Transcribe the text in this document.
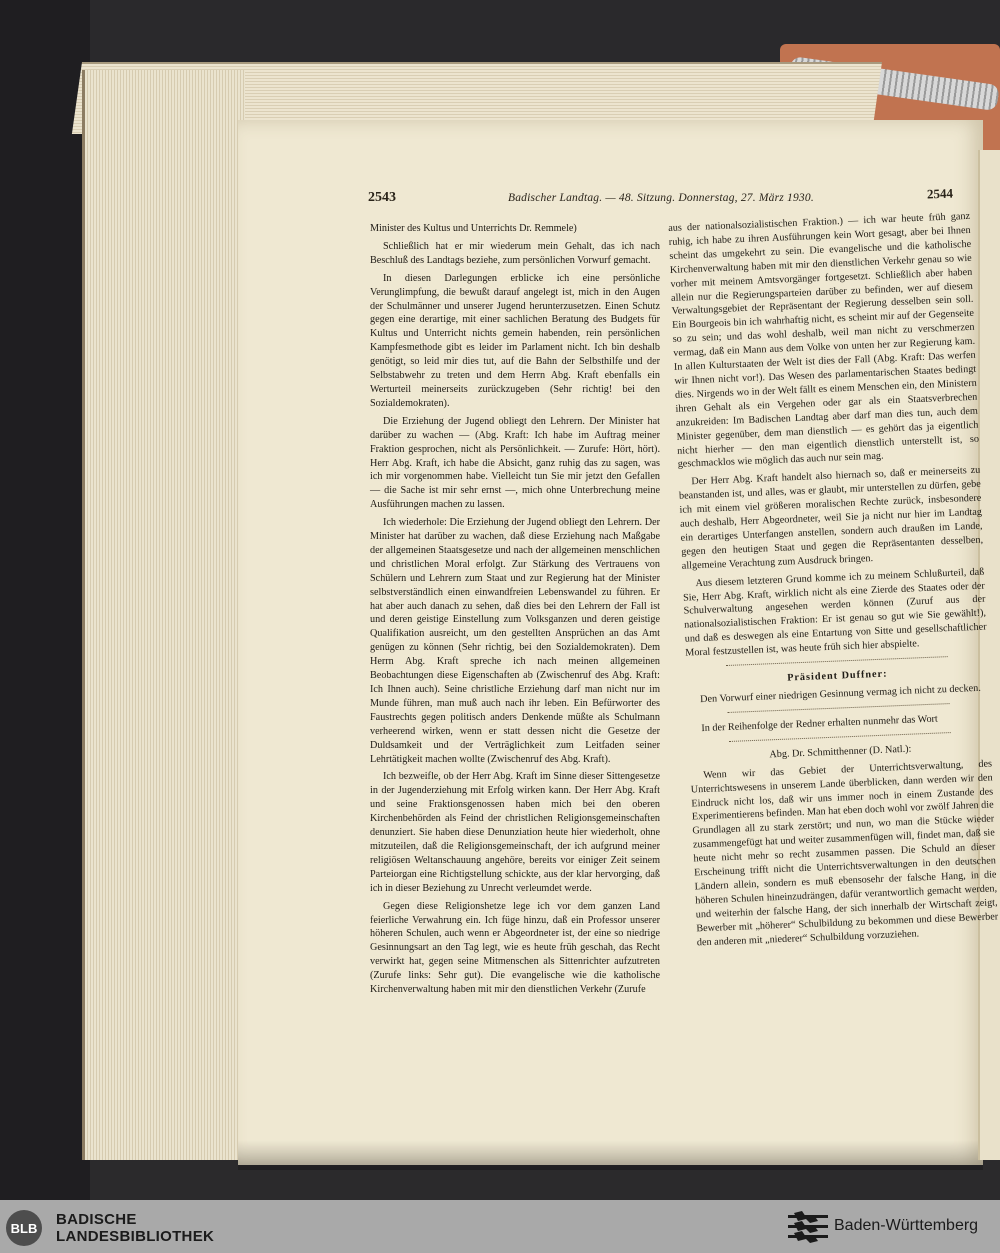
2543	Badischer Landtag. — 48. Sitzung. Donnerstag, 27. März 1930.	2544

Minister des Kultus und Unterrichts Dr. Remmele)

Schließlich hat er mir wiederum mein Gehalt, das ich nach Beschluß des Landtags beziehe, zum persönlichen Vorwurf gemacht.

In diesen Darlegungen erblicke ich eine persönliche Verunglimpfung, die bewußt darauf angelegt ist, mich in den Augen der Schulmänner und unserer Jugend herunterzusetzen. Einen Schutz gegen eine derartige, mit einer sachlichen Beratung des Budgets für Kultus und Unterricht nichts gemein habenden, rein persönlichen Kampfesmethode gibt es leider im Parlament nicht. Ich bin deshalb genötigt, so leid mir dies tut, auf die Bahn der Selbsthilfe und der Selbstabwehr zu treten und dem Herrn Abg. Kraft ebenfalls ein Werturteil meinerseits zurückzugeben (Sehr richtig! bei den Sozialdemokraten).

Die Erziehung der Jugend obliegt den Lehrern. Der Minister hat darüber zu wachen — (Abg. Kraft: Ich habe im Auftrag meiner Fraktion gesprochen, nicht als Persönlichkeit. — Zurufe: Hört, hört). Herr Abg. Kraft, ich habe die Absicht, ganz ruhig das zu sagen, was ich mir vorgenommen habe. Vielleicht tun Sie mir jetzt den Gefallen — die Sache ist mir sehr ernst —, mich ohne Unterbrechung meine Ausführungen machen zu lassen.

Ich wiederhole: Die Erziehung der Jugend obliegt den Lehrern. Der Minister hat darüber zu wachen, daß diese Erziehung nach Maßgabe der allgemeinen Staatsgesetze und nach der allgemeinen menschlichen und christlichen Moral erfolgt. Zur Stärkung des Vertrauens von Schülern und Lehrern zum Staat und zur Regierung hat der Minister selbstverständlich einen einwandfreien Lebenswandel zu führen. Er hat aber auch danach zu sehen, daß dies bei den Lehrern der Fall ist und deren geistige Einstellung zum Volksganzen und deren geistige Qualifikation ausreicht, um den gestellten Ansprüchen an das Amt genügen zu können (Sehr richtig, bei den Sozialdemokraten). Dem Herrn Abg. Kraft spreche ich nach meinen allgemeinen Beobachtungen diese Eigenschaften ab (Zwischenruf des Abg. Kraft: Ich Ihnen auch). Seine christliche Erziehung darf man nicht nur im Munde führen, man muß auch nach ihr leben. Ein Befürworter des Faustrechts gegen politisch anders Denkende müßte als Schulmann verheerend wirken, wenn er statt dessen nicht die Gesetze der Duldsamkeit und der Verträglichkeit zum Leitfaden seiner Lehrtätigkeit machen wollte (Zwischenruf des Abg. Kraft).

Ich bezweifle, ob der Herr Abg. Kraft im Sinne dieser Sittengesetze in der Jugenderziehung mit Erfolg wirken kann. Der Herr Abg. Kraft und seine Fraktionsgenossen haben mich bei den oberen Kirchenbehörden als Feind der christlichen Religionsgemeinschaften denunziert. Sie haben diese Denunziation heute hier wiederholt, ohne mitzuteilen, daß die Religionsgemeinschaft, der ich aufgrund meiner religiösen Weltanschauung angehöre, bereits vor einiger Zeit seinem Parteiorgan eine Richtigstellung schickte, aus der klar hervorging, daß ich in dieser Beziehung zu Unrecht verleumdet werde.

Gegen diese Religionshetze lege ich vor dem ganzen Land feierliche Verwahrung ein. Ich füge hinzu, daß ein Professor unserer höheren Schulen, auch wenn er Abgeordneter ist, der eine so niedrige Gesinnungsart an den Tag legt, wie es heute früh geschah, das Recht verwirkt hat, gegen seine Mitmenschen als Sittenrichter aufzutreten (Zurufe links: Sehr gut). Die evangelische wie die katholische Kirchenverwaltung haben mit mir den dienstlichen Verkehr (Zurufe

aus der nationalsozialistischen Fraktion.) — ich war heute früh ganz ruhig, ich habe zu ihren Ausführungen kein Wort gesagt, aber bei Ihnen scheint das umgekehrt zu sein. Die evangelische und die katholische Kirchenverwaltung haben mit mir den dienstlichen Verkehr genau so wie vorher mit meinem Amtsvorgänger fortgesetzt. Schließlich aber haben allein nur die Regierungsparteien darüber zu befinden, wer auf diesem Verwaltungsgebiet der Repräsentant der Regierung desselben sein soll. Ein Bourgeois bin ich wahrhaftig nicht, es scheint mir auf der Gegenseite so zu sein; und das wohl deshalb, weil man nicht zu verschmerzen vermag, daß ein Mann aus dem Volke von unten her zur Regierung kam. In allen Kulturstaaten der Welt ist dies der Fall (Abg. Kraft: Das werfen wir Ihnen nicht vor!). Das Wesen des parlamentarischen Staates bedingt dies. Nirgends wo in der Welt fällt es einem Menschen ein, den Ministern ihren Gehalt als ein Vergehen oder gar als ein Staatsverbrechen anzukreiden: Im Badischen Landtag aber darf man dies tun, auch dem Minister gegenüber, dem man dienstlich — es gehört das ja eigentlich nicht hierher — den man eigentlich dienstlich unterstellt ist, so geschmacklos wie möglich das auch nur sein mag.

Der Herr Abg. Kraft handelt also hiernach so, daß er meinerseits zu beanstanden ist, und alles, was er glaubt, mir unterstellen zu dürfen, gebe ich mit einem viel größeren moralischen Rechte zurück, insbesondere auch deshalb, Herr Abgeordneter, weil Sie ja nicht nur hier im Landtag ein derartiges Unterfangen anstellen, sondern auch draußen im Lande, gegen den heutigen Staat und gegen die Repräsentanten desselben, allgemeine Verachtung zum Ausdruck bringen.

Aus diesem letzteren Grund komme ich zu meinem Schlußurteil, daß Sie, Herr Abg. Kraft, wirklich nicht als eine Zierde des Staates oder der Schulverwaltung angesehen werden können (Zuruf aus der nationalsozialistischen Fraktion: Er ist genau so gut wie Sie gewählt!), und daß es deswegen als eine Entartung von Sitte und gesellschaftlicher Moral festzustellen ist, was heute früh sich hier abspielte.

Präsident Duffner:

Den Vorwurf einer niedrigen Gesinnung vermag ich nicht zu decken.

In der Reihenfolge der Redner erhalten nunmehr das Wort

Abg. Dr. Schmitthenner (D. Natl.):

Wenn wir das Gebiet der Unterrichtsverwaltung, des Unterrichtswesens in unserem Lande überblicken, dann werden wir den Eindruck nicht los, daß wir uns immer noch in einem Zustande des Experimentierens befinden. Man hat eben doch wohl vor zwölf Jahren die Grundlagen all zu stark zerstört; und nun, wo man die Stücke wieder zusammengefügt hat und weiter zusammenfügen will, findet man, daß sie heute nicht mehr so recht zusammen passen. Die Schuld an dieser Erscheinung trifft nicht die Unterrichtsverwaltungen in den deutschen Ländern allein, sondern es muß ebensosehr der falsche Hang, in die höheren Schulen hineinzudrängen, dafür verantwortlich gemacht werden, und weiterhin der falsche Hang, der sich innerhalb der Wirtschaft zeigt, Bewerber mit „höherer“ Schulbildung zu bekommen und diese Bewerber den anderen mit „niederer“ Schulbildung vorzuziehen.

BLB	BADISCHE
LANDESBIBLIOTHEK
Baden-Württemberg
